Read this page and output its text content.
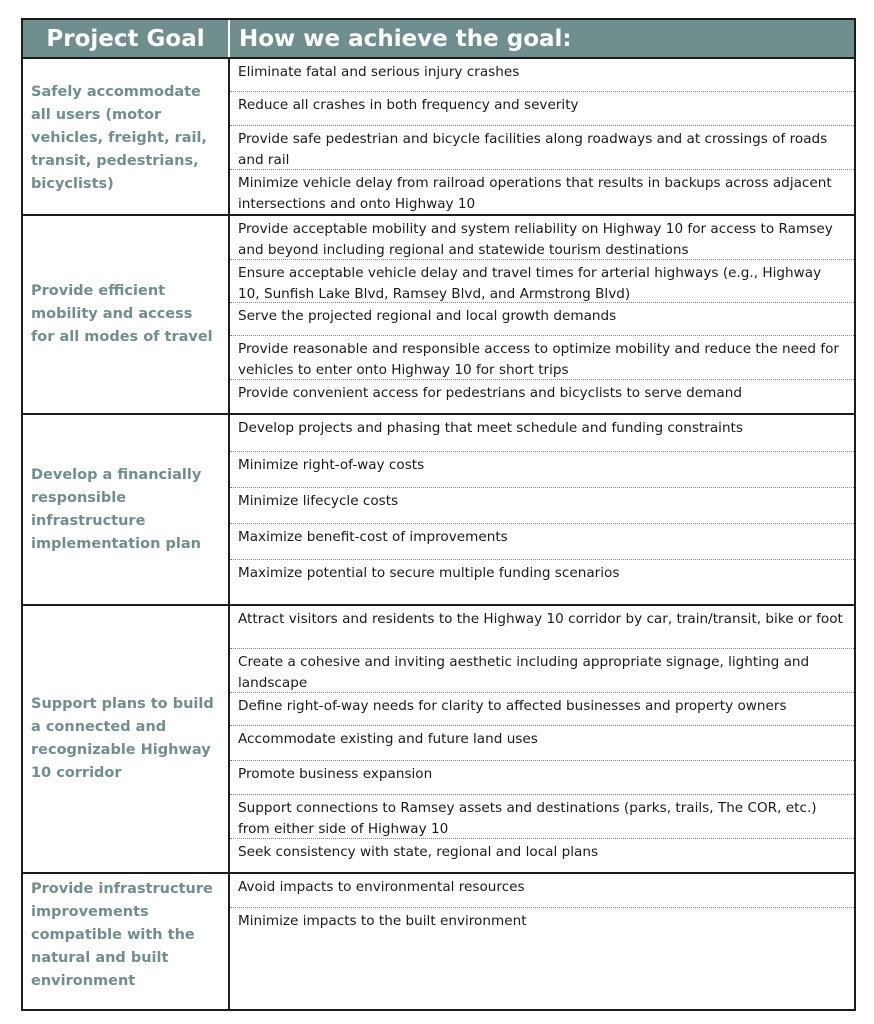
Project Goal	How we achieve the goal:
Safely accommodate all users (motor vehicles, freight, rail, transit, pedestrians, bicyclists)
Eliminate fatal and serious injury crashes
Reduce all crashes in both frequency and severity
Provide safe pedestrian and bicycle facilities along roadways and at crossings of roads and rail
Minimize vehicle delay from railroad operations that results in backups across adjacent intersections and onto Highway 10
Provide efficient mobility and access for all modes of travel
Provide acceptable mobility and system reliability on Highway 10 for access to Ramsey and beyond including regional and statewide tourism destinations
Ensure acceptable vehicle delay and travel times for arterial highways (e.g., Highway 10, Sunfish Lake Blvd, Ramsey Blvd, and Armstrong Blvd)
Serve the projected regional and local growth demands
Provide reasonable and responsible access to optimize mobility and reduce the need for vehicles to enter onto Highway 10 for short trips
Provide convenient access for pedestrians and bicyclists to serve demand
Develop a financially responsible infrastructure implementation plan
Develop projects and phasing that meet schedule and funding constraints
Minimize right-of-way costs
Minimize lifecycle costs
Maximize benefit-cost of improvements
Maximize potential to secure multiple funding scenarios
Support plans to build a connected and recognizable Highway 10 corridor
Attract visitors and residents to the Highway 10 corridor by car, train/transit, bike or foot
Create a cohesive and inviting aesthetic including appropriate signage, lighting and landscape
Define right-of-way needs for clarity to affected businesses and property owners
Accommodate existing and future land uses
Promote business expansion
Support connections to Ramsey assets and destinations (parks, trails, The COR, etc.) from either side of Highway 10
Seek consistency with state, regional and local plans
Provide infrastructure improvements compatible with the natural and built environment
Avoid impacts to environmental resources
Minimize impacts to the built environment
